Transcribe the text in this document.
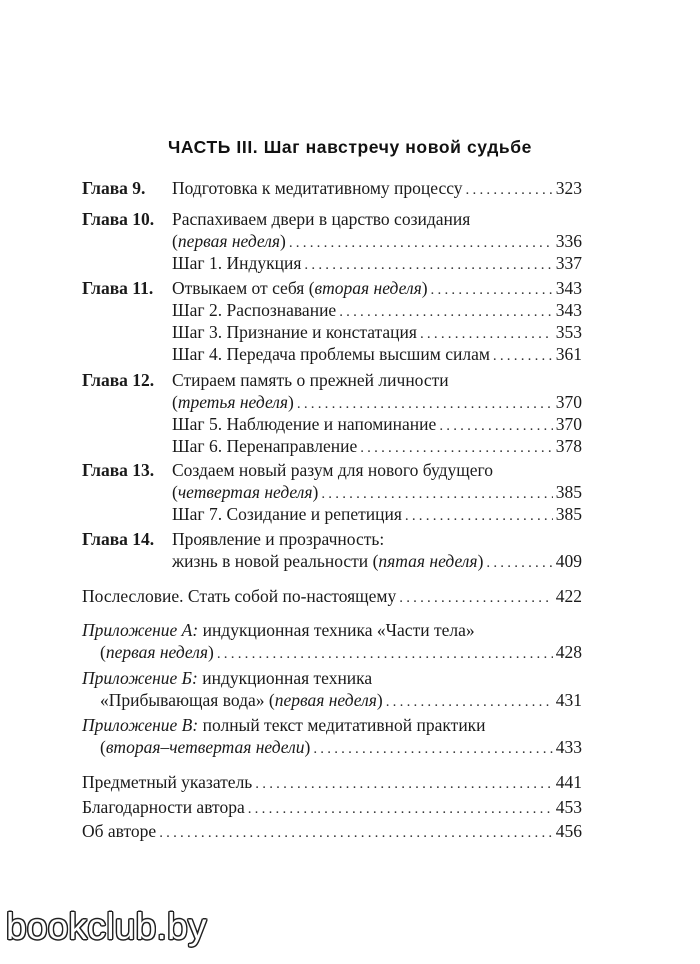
ЧАСТЬ III. Шаг навстречу новой судьбе
Глава 9. Подготовка к медитативному процессу .....	323
Глава 10. Распахиваем двери в царство созидания
(первая неделя) .....	336
Шаг 1. Индукция .....	337
Глава 11. Отвыкаем от себя (вторая неделя) .....	343
Шаг 2. Распознавание .....	343
Шаг 3. Признание и констатация .....	353
Шаг 4. Передача проблемы высшим силам .....	361
Глава 12. Стираем память о прежней личности
(третья неделя) .....	370
Шаг 5. Наблюдение и напоминание .....	370
Шаг 6. Перенаправление .....	378
Глава 13. Создаем новый разум для нового будущего
(четвертая неделя) .....	385
Шаг 7. Созидание и репетиция .....	385
Глава 14. Проявление и прозрачность:
жизнь в новой реальности (пятая неделя) .....	409
Послесловие. Стать собой по-настоящему .....	422
Приложение А: индукционная техника «Части тела»
(первая неделя) .....	428
Приложение Б: индукционная техника
«Прибывающая вода» (первая неделя) .....	431
Приложение В: полный текст медитативной практики
(вторая–четвертая недели) .....	433
Предметный указатель .....	441
Благодарности автора .....	453
Об авторе .....	456
bookclub.by
